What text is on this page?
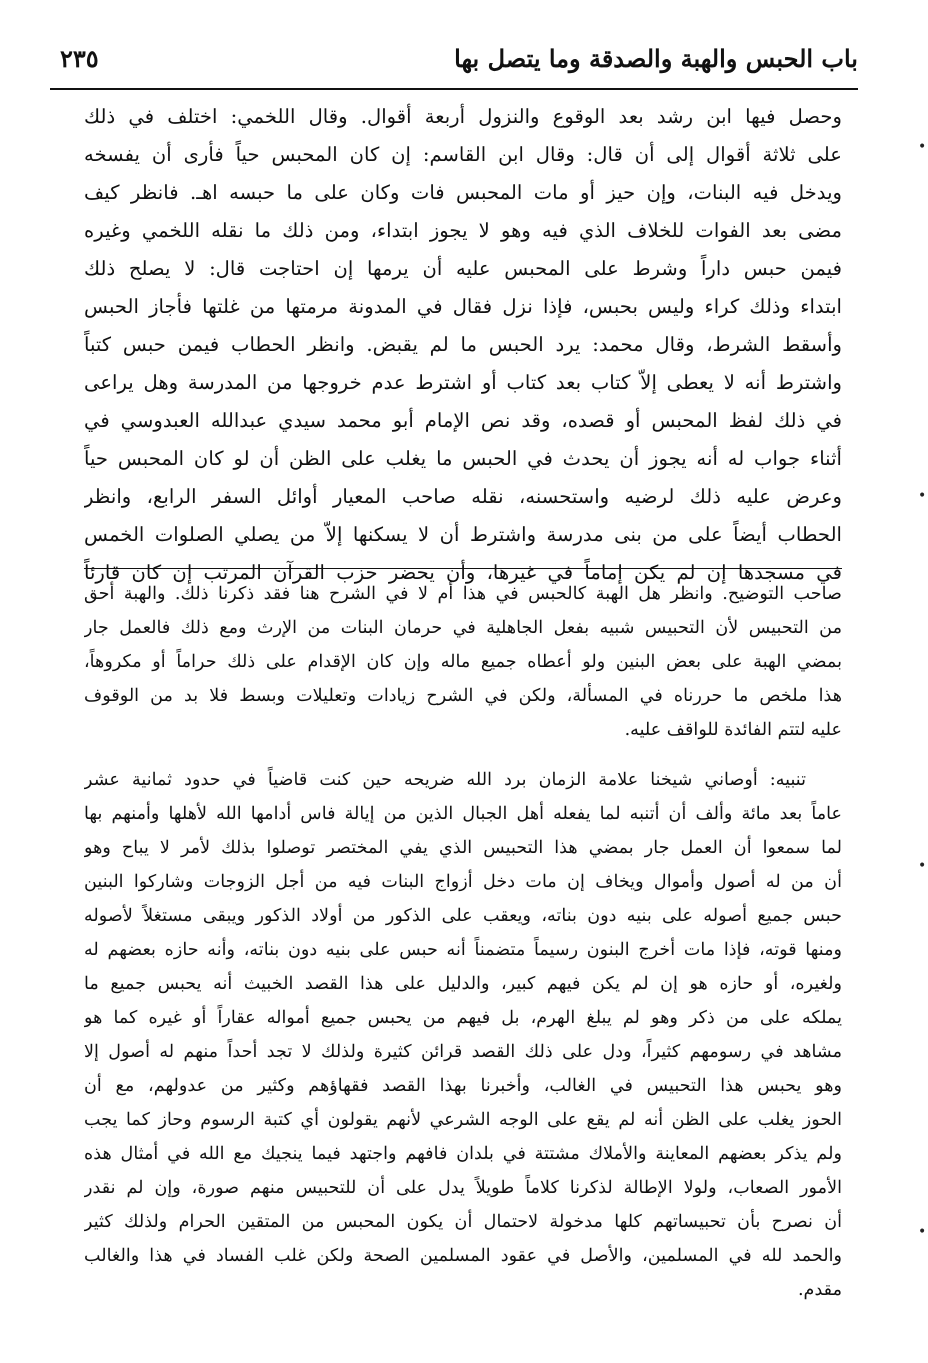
باب الحبس والهبة والصدقة وما يتصل بها
٢٣٥
وحصل فيها ابن رشد بعد الوقوع والنزول أربعة أقوال. وقال اللخمي: اختلف في ذلك
على ثلاثة أقوال إلى أن قال: وقال ابن القاسم: إن كان المحبس حياً فأرى أن يفسخه
ويدخل فيه البنات، وإن حيز أو مات المحبس فات وكان على ما حبسه اهـ. فانظر كيف
مضى بعد الفوات للخلاف الذي فيه وهو لا يجوز ابتداء، ومن ذلك ما نقله اللخمي وغيره
فيمن حبس داراً وشرط على المحبس عليه أن يرمها إن احتاجت قال: لا يصلح ذلك
ابتداء وذلك كراء وليس بحبس، فإذا نزل فقال في المدونة مرمتها من غلتها فأجاز الحبس
وأسقط الشرط، وقال محمد: يرد الحبس ما لم يقبض. وانظر الحطاب فيمن حبس كتباً
واشترط أنه لا يعطى إلاّ كتاب بعد كتاب أو اشترط عدم خروجها من المدرسة وهل يراعى
في ذلك لفظ المحبس أو قصده، وقد نص الإمام أبو محمد سيدي عبدالله العبدوسي في
أثناء جواب له أنه يجوز أن يحدث في الحبس ما يغلب على الظن أن لو كان المحبس حياً
وعرض عليه ذلك لرضيه واستحسنه، نقله صاحب المعيار أوائل السفر الرابع، وانظر
الحطاب أيضاً على من بنى مدرسة واشترط أن لا يسكنها إلاّ من يصلي الصلوات الخمس
في مسجدها إن لم يكن إماماً في غيرها، وأن يحضر حزب القرآن المرتب إن كان قارئاً
صاحب التوضيح. وانظر هل الهبة كالحبس في هذا أم لا في الشرح هنا فقد ذكرنا ذلك. والهبة أحق
من التحبيس لأن التحبيس شبيه بفعل الجاهلية في حرمان البنات من الإرث ومع ذلك فالعمل جار
بمضي الهبة على بعض البنين ولو أعطاه جميع ماله وإن كان الإقدام على ذلك حراماً أو مكروهاً،
هذا ملخص ما حررناه في المسألة، ولكن في الشرح زيادات وتعليلات وبسط فلا بد من الوقوف
عليه لتتم الفائدة للواقف عليه.
تنبيه: أوصاني شيخنا علامة الزمان برد الله ضريحه حين كنت قاضياً في حدود ثمانية عشر
عاماً بعد مائة وألف أن أتنبه لما يفعله أهل الجبال الذين من إيالة فاس أدامها الله لأهلها وأمنهم بها
لما سمعوا أن العمل جار بمضي هذا التحبيس الذي يفي المختصر توصلوا بذلك لأمر لا يباح وهو
أن من له أصول وأموال ويخاف إن مات دخل أزواج البنات فيه من أجل الزوجات وشاركوا البنين
حبس جميع أصوله على بنيه دون بناته، ويعقب على الذكور من أولاد الذكور ويبقى مستغلاً لأصوله
ومنها قوته، فإذا مات أخرج البنون رسيماً متضمناً أنه حبس على بنيه دون بناته، وأنه حازه بعضهم له
ولغيره، أو حازه هو إن لم يكن فيهم كبير، والدليل على هذا القصد الخبيث أنه يحبس جميع ما
يملكه على من ذكر وهو لم يبلغ الهرم، بل فيهم من يحبس جميع أمواله عقاراً أو غيره كما هو
مشاهد في رسومهم كثيراً، ودل على ذلك القصد قرائن كثيرة ولذلك لا تجد أحداً منهم له أصول إلا
وهو يحبس هذا التحبيس في الغالب، وأخبرنا بهذا القصد فقهاؤهم وكثير من عدولهم، مع أن
الحوز يغلب على الظن أنه لم يقع على الوجه الشرعي لأنهم يقولون أي كتبة الرسوم وحاز كما يجب
ولم يذكر بعضهم المعاينة والأملاك مشتتة في بلدان فافهم واجتهد فيما ينجيك مع الله في أمثال هذه
الأمور الصعاب، ولولا الإطالة لذكرنا كلاماً طويلاً يدل على أن للتحبيس منهم صورة، وإن لم نقدر
أن نصرح بأن تحبيساتهم كلها مدخولة لاحتمال أن يكون المحبس من المتقين الحرام ولذلك كثير
والحمد لله في المسلمين، والأصل في عقود المسلمين الصحة ولكن غلب الفساد في هذا والغالب
مقدم.
•
•
•
•
